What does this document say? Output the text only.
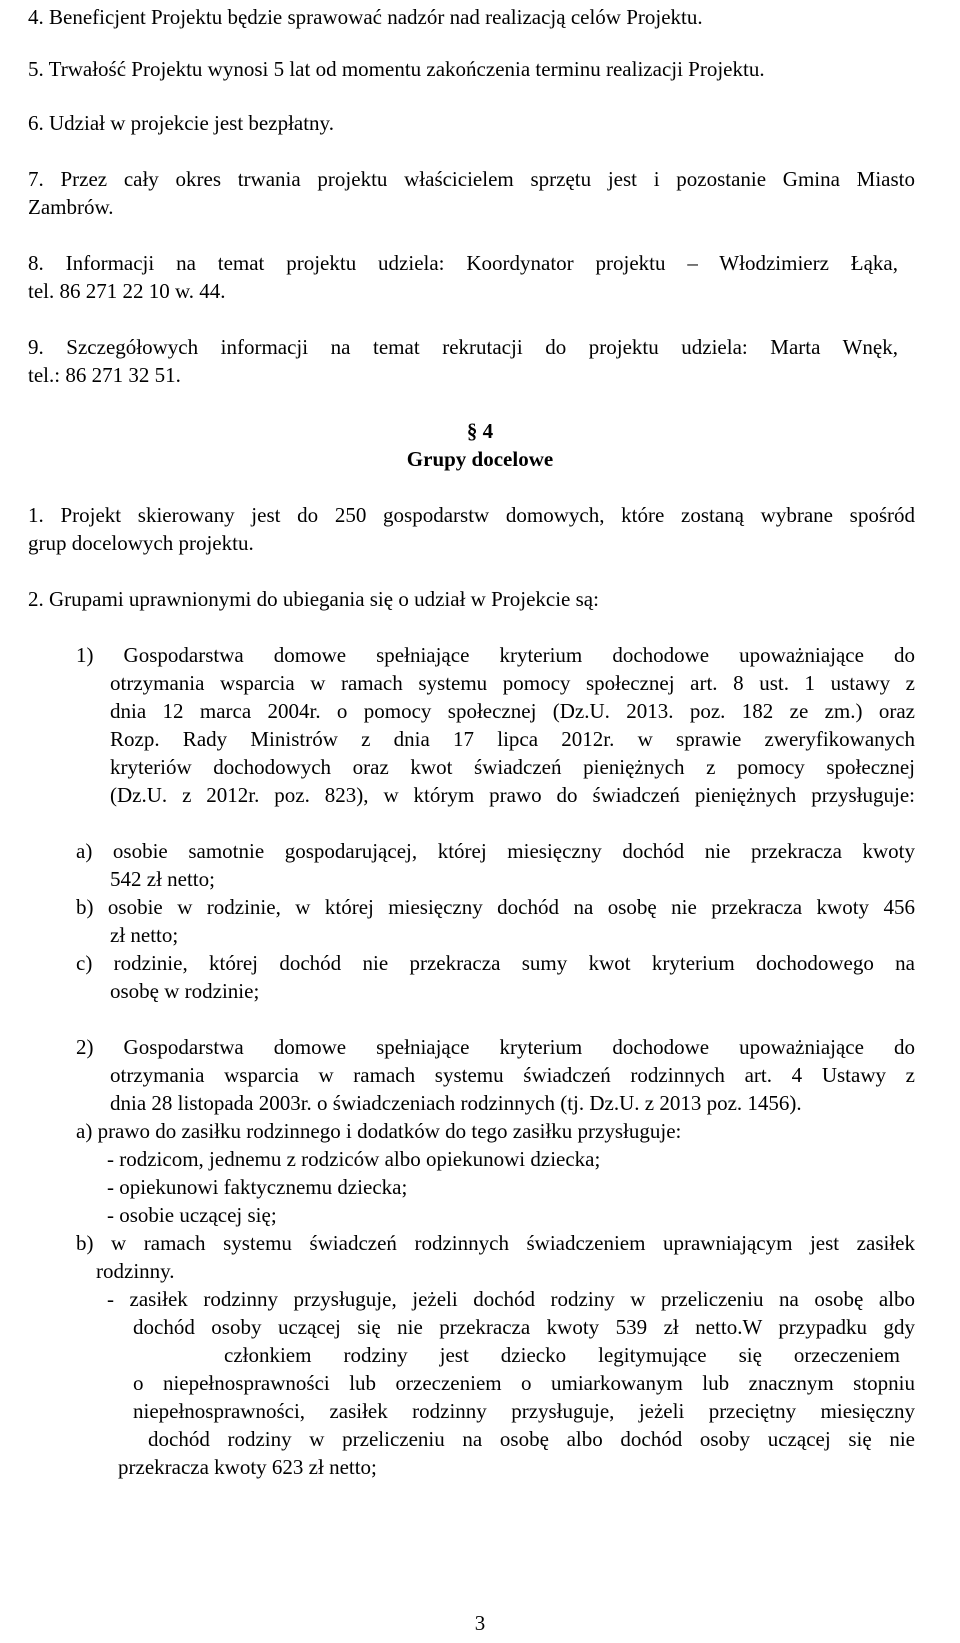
4. Beneficjent Projektu będzie sprawować nadzór nad realizacją celów Projektu.
5. Trwałość Projektu wynosi 5 lat od momentu zakończenia terminu realizacji Projektu.
6. Udział w projekcie jest bezpłatny.
7. Przez cały okres trwania projektu właścicielem sprzętu jest i pozostanie Gmina Miasto
Zambrów.
8. Informacji na temat projektu udziela: Koordynator projektu – Włodzimierz Łąka,
tel. 86 271 22 10 w. 44.
9. Szczegółowych informacji na temat rekrutacji do projektu udziela: Marta Wnęk,
tel.: 86 271 32 51.
§ 4
Grupy docelowe
1. Projekt skierowany jest do 250 gospodarstw domowych, które zostaną wybrane spośród
grup docelowych projektu.
2. Grupami uprawnionymi do ubiegania się o udział w Projekcie są:
1) Gospodarstwa domowe spełniające kryterium dochodowe upoważniające do
otrzymania wsparcia w ramach systemu pomocy społecznej art. 8 ust. 1 ustawy z
dnia 12 marca 2004r. o pomocy społecznej (Dz.U. 2013. poz. 182 ze zm.) oraz
Rozp. Rady Ministrów z dnia 17 lipca 2012r. w sprawie zweryfikowanych
kryteriów dochodowych oraz kwot świadczeń pieniężnych z pomocy społecznej
(Dz.U. z 2012r. poz. 823), w którym prawo do świadczeń pieniężnych przysługuje:
a) osobie samotnie gospodarującej, której miesięczny dochód nie przekracza kwoty
542 zł netto;
b) osobie w rodzinie, w której miesięczny dochód na osobę nie przekracza kwoty 456
zł netto;
c) rodzinie, której dochód nie przekracza sumy kwot kryterium dochodowego na
osobę w rodzinie;
2) Gospodarstwa domowe spełniające kryterium dochodowe upoważniające do
otrzymania wsparcia w ramach systemu świadczeń rodzinnych art. 4 Ustawy z
dnia 28 listopada 2003r. o świadczeniach rodzinnych (tj. Dz.U. z 2013 poz. 1456).
a) prawo do zasiłku rodzinnego i dodatków do tego zasiłku przysługuje:
- rodzicom, jednemu z rodziców albo opiekunowi dziecka;
- opiekunowi faktycznemu dziecka;
- osobie uczącej się;
b) w ramach systemu świadczeń rodzinnych świadczeniem uprawniającym jest zasiłek
rodzinny.
- zasiłek rodzinny przysługuje, jeżeli dochód rodziny w przeliczeniu na osobę albo
dochód osoby uczącej się nie przekracza kwoty 539 zł netto.W przypadku gdy
członkiem rodziny jest dziecko legitymujące się orzeczeniem
o niepełnosprawności lub orzeczeniem o umiarkowanym lub znacznym stopniu
niepełnosprawności, zasiłek rodzinny przysługuje, jeżeli przeciętny miesięczny
dochód rodziny w przeliczeniu na osobę albo dochód osoby uczącej się nie
przekracza kwoty 623 zł netto;
3
